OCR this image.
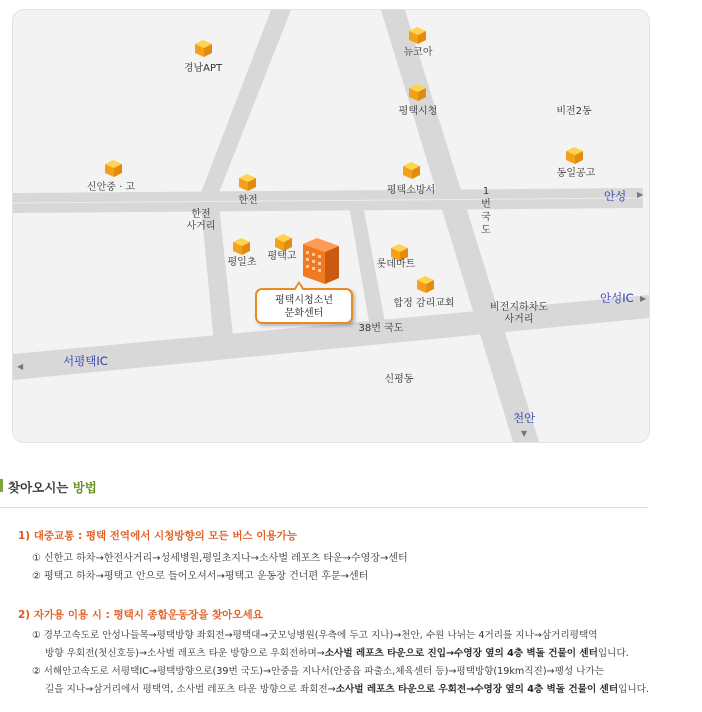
경남APT
뉴코아
평택시청	비전2동
신안중 · 고
한전
한전
사거리
평택소방서
동일공고
안성 ▶
평일초
평택고
롯데마트
합정 감리교회	안성IC ▶
비전지하차도
사거리
38번 국도
◀	서평택IC
신평동
천안
▼
1번국도
평택시청소년
문화센터
찾아오시는 방법
1) 대중교통 : 평택 전역에서 시청방향의 모든 버스 이용가능
① 신한고 하차→한전사거리→성세병원,평일초지나→소사벌 레포츠 타운→수영장→센터
② 평택고 하차→평택고 안으로 들어오셔서→평택고 운동장 건너편 후문→센터
2) 자가용 이용 시 : 평택시 종합운동장을 찾아오세요
① 경부고속도로 안성나들목→평택방향 좌회전→평택대→굿모닝병원(우측에 두고 지나)→천안, 수원 나뉘는 4거리를 지나→삼거리평택역
방향 우회전(첫신호등)→소사벌 레포츠 타운 방향으로 우회전하며→소사벌 레포츠 타운으로 진입→수영장 옆의 4층 벽돌 건물이 센터입니다.
② 서해안고속도로 서평택IC→평택방향으로(39번 국도)→안중을 지나서(안중읍 파출소,체육센터 등)→평택방향(19km직진)→팽성 나가는
길을 지나→삼거리에서 평택역, 소사벌 레포츠 타운 방향으로 좌회전→소사벌 레포츠 타운으로 우회전→수영장 옆의 4층 벽돌 건물이 센터입니다.
